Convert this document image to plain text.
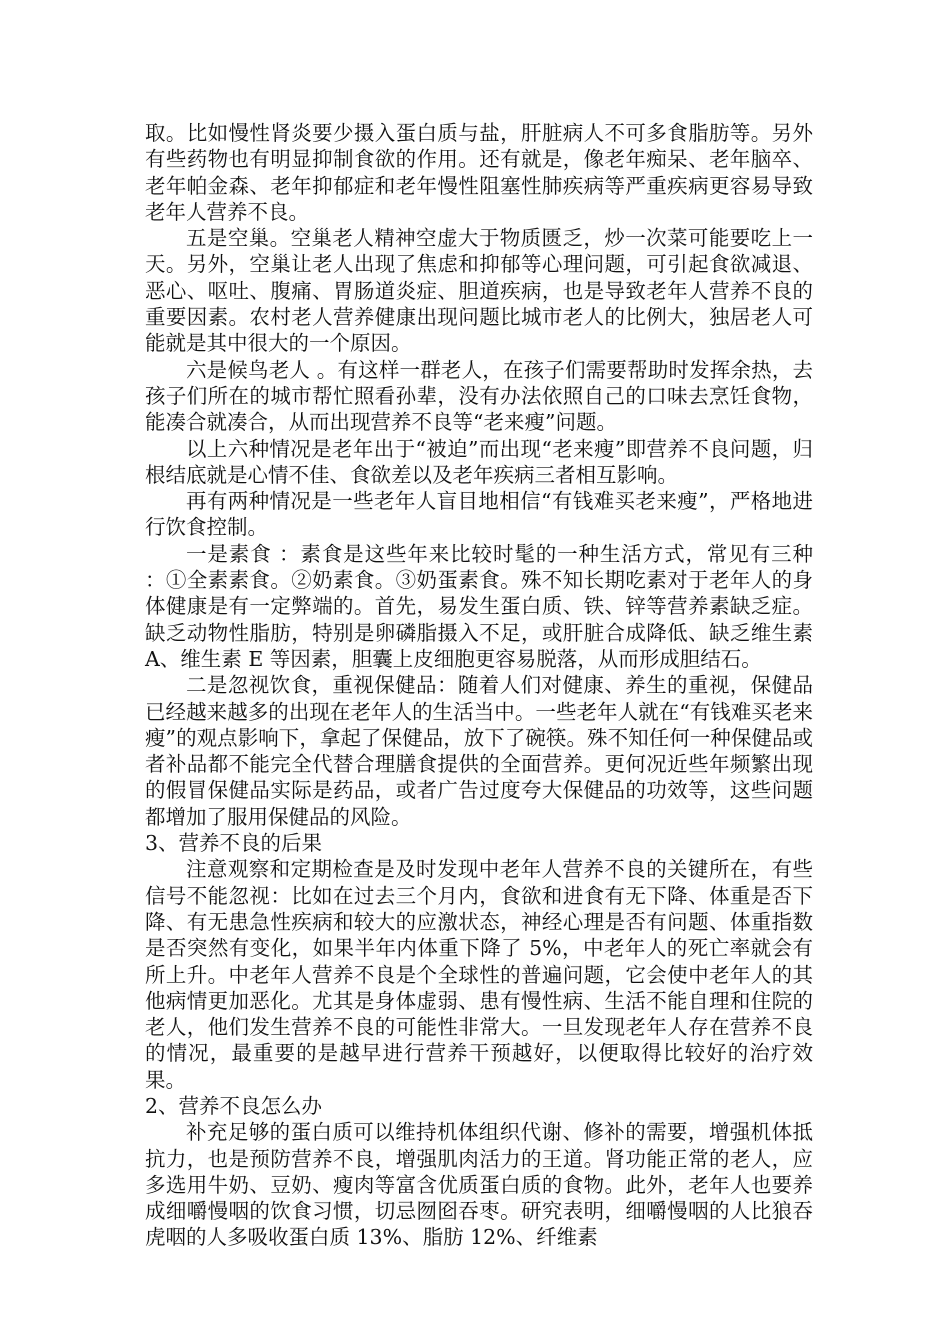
取。比如慢性肾炎要少摄入蛋白质与盐，肝脏病人不可多食脂肪等。另外有些药物也有明显抑制食欲的作用。还有就是，像老年痴呆、老年脑卒、老年帕金森、老年抑郁症和老年慢性阻塞性肺疾病等严重疾病更容易导致老年人营养不良。

五是空巢。空巢老人精神空虚大于物质匮乏，炒一次菜可能要吃上一天。另外，空巢让老人出现了焦虑和抑郁等心理问题，可引起食欲减退、恶心、呕吐、腹痛、胃肠道炎症、胆道疾病，也是导致老年人营养不良的重要因素。农村老人营养健康出现问题比城市老人的比例大，独居老人可能就是其中很大的一个原因。

六是候鸟老人 。有这样一群老人，在孩子们需要帮助时发挥余热，去孩子们所在的城市帮忙照看孙辈，没有办法依照自己的口味去烹饪食物，能凑合就凑合，从而出现营养不良等“老来瘦”问题。

以上六种情况是老年出于“被迫”而出现“老来瘦”即营养不良问题，归根结底就是心情不佳、食欲差以及老年疾病三者相互影响。

再有两种情况是一些老年人盲目地相信“有钱难买老来瘦”，严格地进行饮食控制。

一是素食 ：素食是这些年来比较时髦的一种生活方式，常见有三种 ：①全素素食。②奶素食。③奶蛋素食。殊不知长期吃素对于老年人的身体健康是有一定弊端的。首先，易发生蛋白质、铁、锌等营养素缺乏症。缺乏动物性脂肪，特别是卵磷脂摄入不足，或肝脏合成降低、缺乏维生素 A、维生素 E 等因素，胆囊上皮细胞更容易脱落，从而形成胆结石。

二是忽视饮食，重视保健品：随着人们对健康、养生的重视，保健品已经越来越多的出现在老年人的生活当中。一些老年人就在“有钱难买老来瘦”的观点影响下，拿起了保健品，放下了碗筷。殊不知任何一种保健品或者补品都不能完全代替合理膳食提供的全面营养。更何况近些年频繁出现的假冒保健品实际是药品，或者广告过度夸大保健品的功效等，这些问题都增加了服用保健品的风险。

3、营养不良的后果

注意观察和定期检查是及时发现中老年人营养不良的关键所在，有些信号不能忽视：比如在过去三个月内，食欲和进食有无下降、体重是否下降、有无患急性疾病和较大的应激状态，神经心理是否有问题、体重指数是否突然有变化，如果半年内体重下降了 5%，中老年人的死亡率就会有所上升。中老年人营养不良是个全球性的普遍问题，它会使中老年人的其他病情更加恶化。尤其是身体虚弱、患有慢性病、生活不能自理和住院的老人，他们发生营养不良的可能性非常大。一旦发现老年人存在营养不良的情况，最重要的是越早进行营养干预越好，以便取得比较好的治疗效果。

2、营养不良怎么办

补充足够的蛋白质可以维持机体组织代谢、修补的需要，增强机体抵抗力，也是预防营养不良，增强肌肉活力的王道。肾功能正常的老人，应多选用牛奶、豆奶、瘦肉等富含优质蛋白质的食物。此外，老年人也要养成细嚼慢咽的饮食习惯，切忌囫囵吞枣。研究表明，细嚼慢咽的人比狼吞虎咽的人多吸收蛋白质 13%、脂肪 12%、纤维素
